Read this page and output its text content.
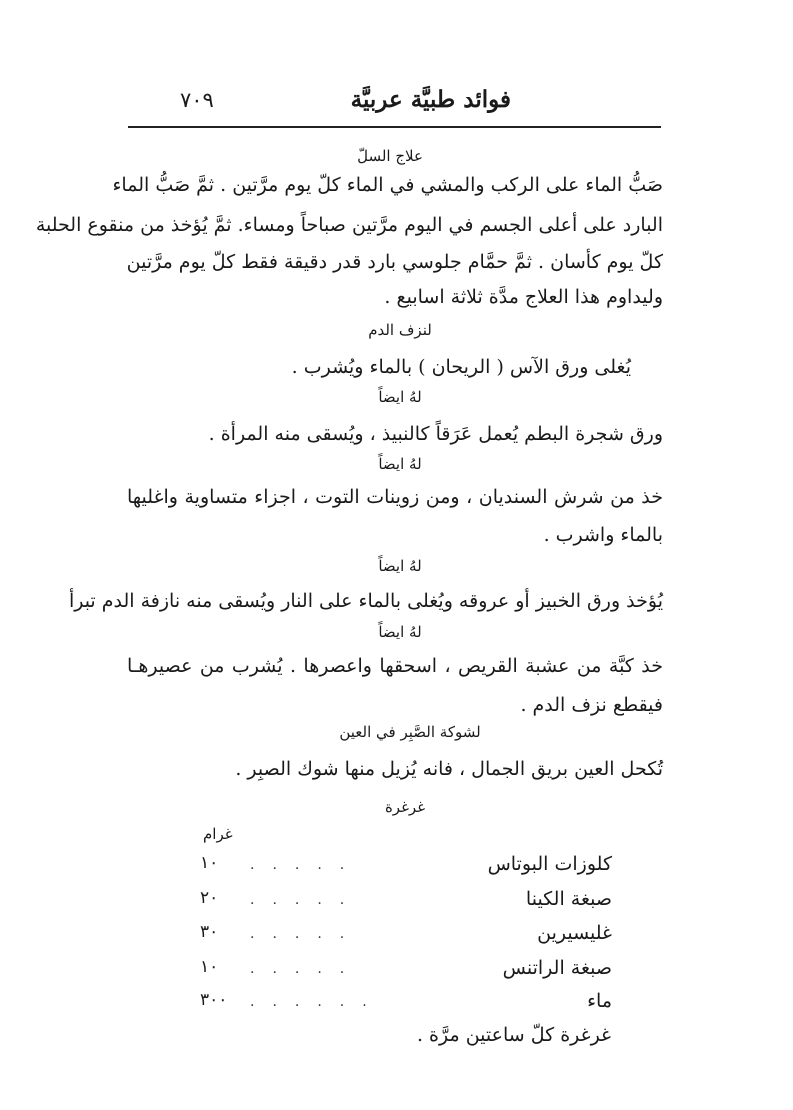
فوائد طبيَّة عربيَّة
٧٠٩
علاج السلّ
صَبُّ الماء على الركب والمشي في الماء كلّ يوم مرَّتين . ثمَّ صَبُّ الماء
البارد على أعلى الجسم في اليوم مرَّتين صباحاً ومساء. ثمَّ يُؤخذ من منقوع الحلبة
كلّ يوم كأسان . ثمَّ حمَّام جلوسي بارد قدر دقيقة فقط كلّ يوم مرَّتين
وليداوم هذا العلاج مدَّة ثلاثة اسابيع .
لنزف الدم
يُغلى ورق الآس ( الريحان ) بالماء ويُشرب .
لهُ ايضاً
ورق شجرة البطم يُعمل عَرَقاً كالنبيذ ، ويُسقى منه المرأة .
لهُ ايضاً
خذ من شرش السنديان ، ومن زوينات التوت ، اجزاء متساوية واغليها
بالماء واشرب .
لهُ ايضاً
يُؤخذ ورق الخبيز أو عروقه ويُغلى بالماء على النار ويُسقى منه نازفة الدم تبرأ
لهُ ايضاً
خذ كبَّة من عشبة القريص ، اسحقها واعصرها . يُشرب من عصيرهـا
فيقطع نزف الدم .
لشوكة الصَّبِر في العين
تُكحل العين بريق الجمال ، فانه يُزيل منها شوك الصبِر .
غرغرة
غرام
كلوزات البوتاس
. . . . .
١٠
صبغة الكينا
. . . . .
٢٠
غليسيرين
. . . . .
٣٠
صبغة الراتنس
. . . . .
١٠
ماء
. . . . . .
٣٠٠
غرغرة كلّ ساعتين مرَّة .
